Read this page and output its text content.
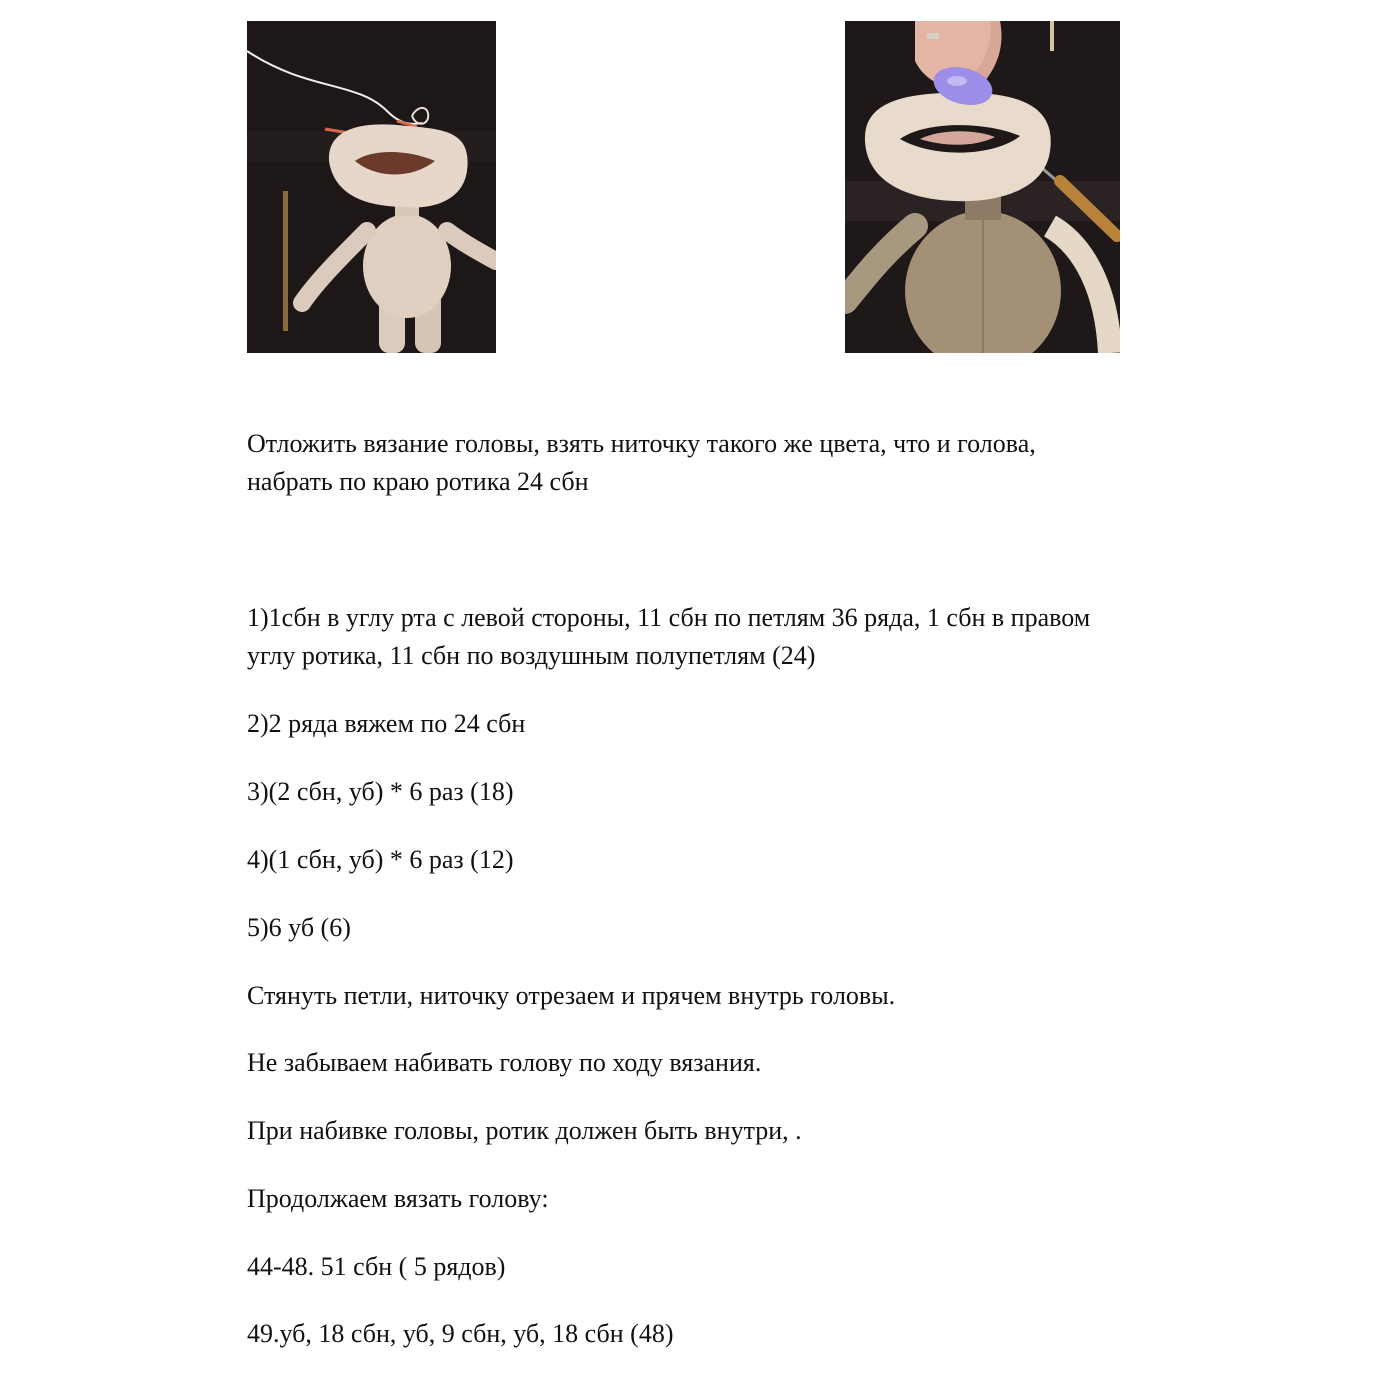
Отложить вязание головы, взять ниточку такого же цвета, что и голова,
набрать по краю ротика 24 сбн

1)1сбн в углу рта с левой стороны, 11 сбн по петлям 36 ряда, 1 сбн в правом
углу ротика, 11 сбн по воздушным полупетлям (24)

2)2 ряда вяжем по 24 сбн

3)(2 сбн, уб) * 6 раз (18)

4)(1 сбн, уб) * 6 раз (12)

5)6 уб (6)

Стянуть петли, ниточку отрезаем и прячем внутрь головы.

Не забываем набивать голову по ходу вязания.

При набивке головы, ротик должен быть внутри, .

Продолжаем вязать голову:

44-48. 51 сбн ( 5 рядов)

49.уб, 18 сбн, уб, 9 сбн, уб, 18 сбн (48)
